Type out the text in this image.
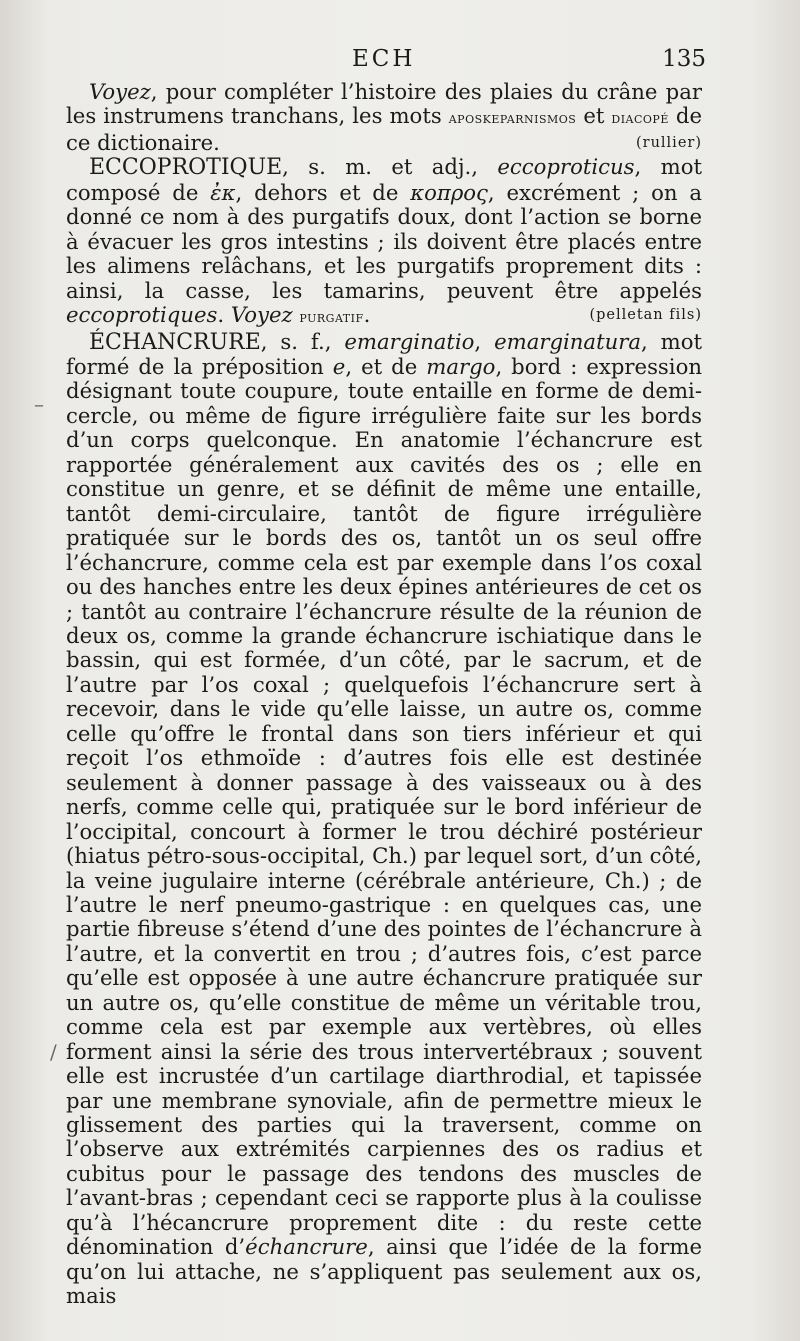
ECH	135
–
/

Voyez, pour compléter l’histoire des plaies du crâne par les instrumens tranchans, les mots aposkeparnismos et diacopé de ce dictionaire.	(rullier)

ECCOPROTIQUE, s. m. et adj., eccoproticus, mot composé de ἐκ, dehors et de κοπρος, excrément ; on a donné ce nom à des purgatifs doux, dont l’action se borne à évacuer les gros intestins ; ils doivent être placés entre les alimens relâchans, et les purgatifs proprement dits : ainsi, la casse, les tamarins, peuvent être appelés eccoprotiques. Voyez purgatif.	(pelletan fils)

ÉCHANCRURE, s. f., emarginatio, emarginatura, mot formé de la préposition e, et de margo, bord : expression désignant toute coupure, toute entaille en forme de demi-cercle, ou même de figure irrégulière faite sur les bords d’un corps quelconque. En anatomie l’échancrure est rapportée généralement aux cavités des os ; elle en constitue un genre, et se définit de même une entaille, tantôt demi-circulaire, tantôt de figure irrégulière pratiquée sur le bords des os, tantôt un os seul offre l’échancrure, comme cela est par exemple dans l’os coxal ou des hanches entre les deux épines antérieures de cet os ; tantôt au contraire l’échancrure résulte de la réunion de deux os, comme la grande échancrure ischiatique dans le bassin, qui est formée, d’un côté, par le sacrum, et de l’autre par l’os coxal ; quelquefois l’échancrure sert à recevoir, dans le vide qu’elle laisse, un autre os, comme celle qu’offre le frontal dans son tiers inférieur et qui reçoit l’os ethmoïde : d’autres fois elle est destinée seulement à donner passage à des vaisseaux ou à des nerfs, comme celle qui, pratiquée sur le bord inférieur de l’occipital, concourt à former le trou déchiré postérieur (hiatus pétro-sous-occipital, Ch.) par lequel sort, d’un côté, la veine jugulaire interne (cérébrale antérieure, Ch.) ; de l’autre le nerf pneumo-gastrique : en quelques cas, une partie fibreuse s’étend d’une des pointes de l’échancrure à l’autre, et la convertit en trou ; d’autres fois, c’est parce qu’elle est opposée à une autre échancrure pratiquée sur un autre os, qu’elle constitue de même un véritable trou, comme cela est par exemple aux vertèbres, où elles forment ainsi la série des trous intervertébraux ; souvent elle est incrustée d’un cartilage diarthrodial, et tapissée par une membrane synoviale, afin de permettre mieux le glissement des parties qui la traversent, comme on l’observe aux extrémités carpiennes des os radius et cubitus pour le passage des tendons des muscles de l’avant-bras ; cependant ceci se rapporte plus à la coulisse qu’à l’hécancrure proprement dite : du reste cette dénomination d’échancrure, ainsi que l’idée de la forme qu’on lui attache, ne s’appliquent pas seulement aux os, mais
